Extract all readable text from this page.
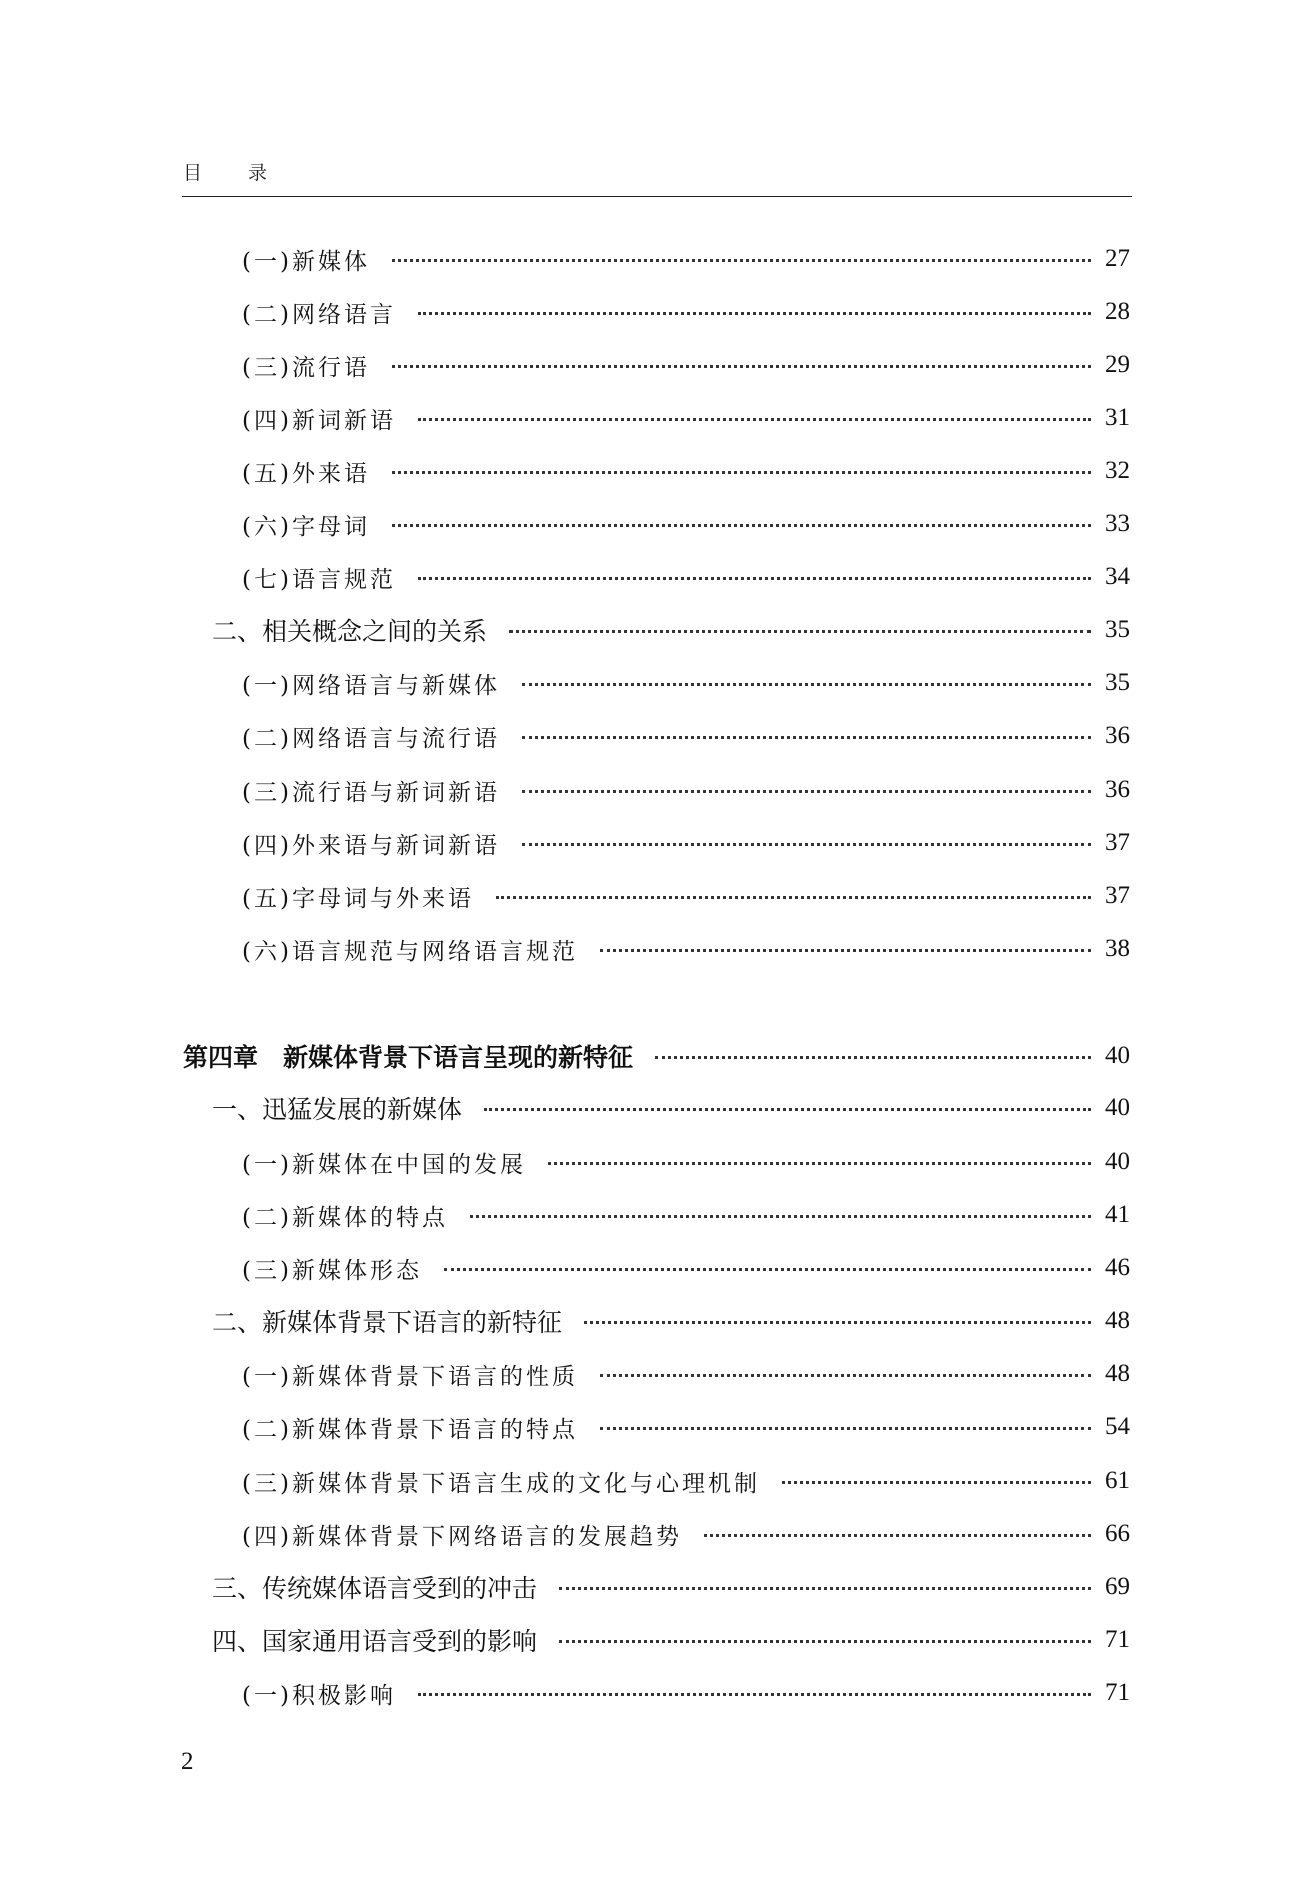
目 录
(一)新媒体	27
(二)网络语言	28
(三)流行语	29
(四)新词新语	31
(五)外来语	32
(六)字母词	33
(七)语言规范	34
二、相关概念之间的关系	35
(一)网络语言与新媒体	35
(二)网络语言与流行语	36
(三)流行语与新词新语	36
(四)外来语与新词新语	37
(五)字母词与外来语	37
(六)语言规范与网络语言规范	38
第四章　新媒体背景下语言呈现的新特征	40
一、迅猛发展的新媒体	40
(一)新媒体在中国的发展	40
(二)新媒体的特点	41
(三)新媒体形态	46
二、新媒体背景下语言的新特征	48
(一)新媒体背景下语言的性质	48
(二)新媒体背景下语言的特点	54
(三)新媒体背景下语言生成的文化与心理机制	61
(四)新媒体背景下网络语言的发展趋势	66
三、传统媒体语言受到的冲击	69
四、国家通用语言受到的影响	71
(一)积极影响	71
2
